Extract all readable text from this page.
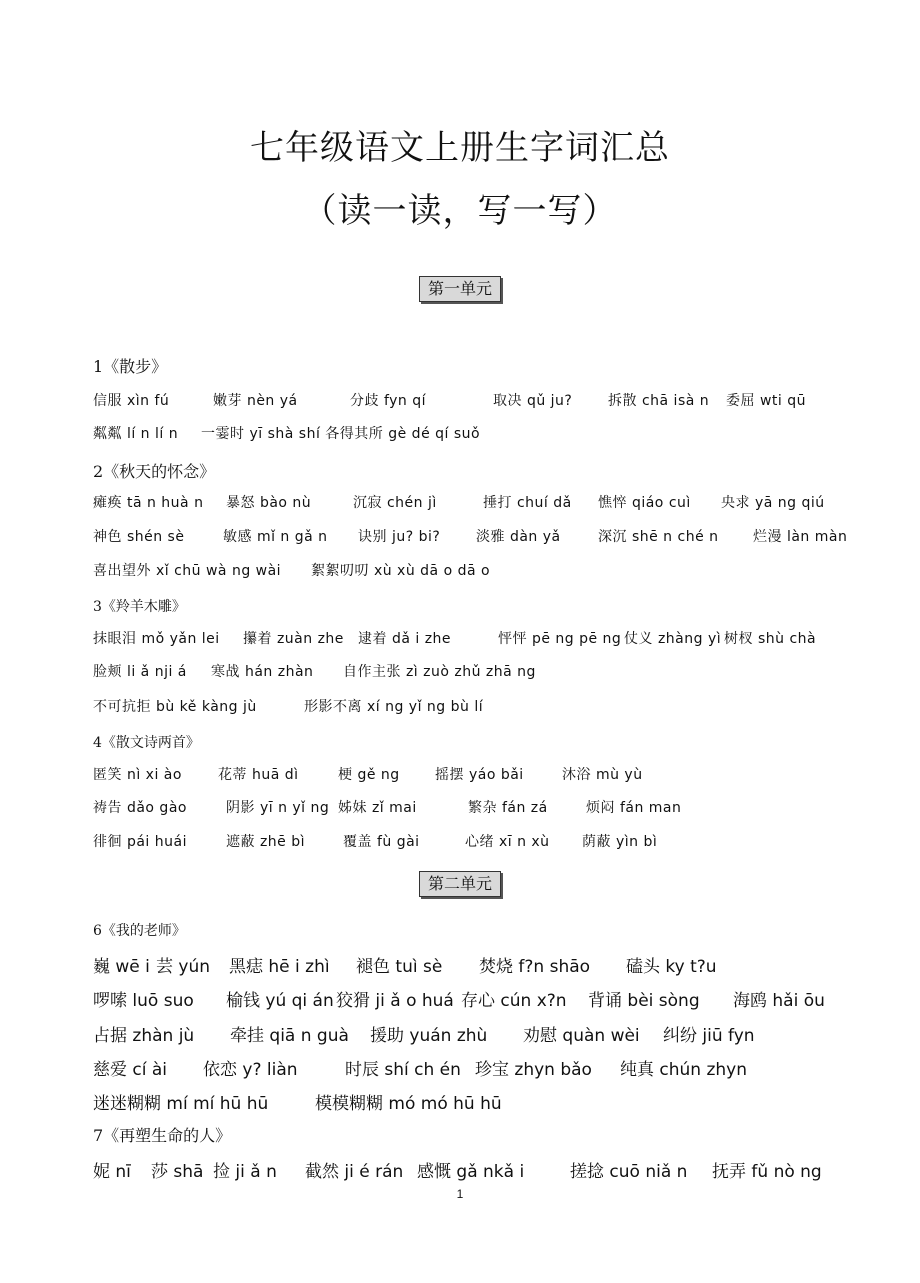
七年级语文上册生字词汇总
（读一读，写一写）
第一单元
1《散步》
信服 xìn fú	嫩芽 nèn yá	分歧 fyn qí	取决 qǔ ju?	拆散 chā isà n 委屈 wti qū
粼粼 lí n lí n 一霎时 yī shà shí 各得其所 gè dé qí suǒ
2《秋天的怀念》
瘫痪 tā n huà n 暴怒 bào nù	沉寂 chén jì	捶打 chuí dǎ 憔悴 qiáo cuì 央求 yā ng qiú
神色 shén sè	敏感 mǐ n gǎ n 诀别 ju? bi?	淡雅 dàn yǎ	深沉 shē n ché n 烂漫 làn màn
喜出望外 xǐ chū wà ng wài 絮絮叨叨 xù xù dā o dā o
3《羚羊木雕》
抹眼泪 mǒ yǎn lei 攥着 zuàn zhe 逮着 dǎ i zhe	怦怦 pē ng pē ng 仗义 zhàng yì 树杈 shù chà
脸颊 li ǎ nji á 寒战 hán zhàn 自作主张 zì zuò zhǔ zhā ng
不可抗拒 bù kě kàng jù	形影不离 xí ng yǐ ng bù lí
4《散文诗两首》
匿笑 nì xi ào	花蒂 huā dì	梗 gě ng	摇摆 yáo bǎi	沐浴 mù yù
祷告 dǎo gào	阴影 yī n yǐ ng 姊妹 zǐ mai	繁杂 fán zá	烦闷 fán man
徘徊 pái huái	遮蔽 zhē bì	覆盖 fù gài	心绪 xī n xù 荫蔽 yìn bì
第二单元
6《我的老师》
巍 wē i 芸 yún 黑痣 hē i zhì 褪色 tuì sè 焚烧 f?n shāo 磕头 ky t?u
啰嗦 luō suo 榆钱 yú qi án 狡猾 ji ǎ o huá 存心 cún x?n 背诵 bèi sòng 海鸥 hǎi ōu
占据 zhàn jù 牵挂 qiā n guà 援助 yuán zhù 劝慰 quàn wèi 纠纷 jiū fyn
慈爱 cí ài 依恋 y? liàn	时辰 shí ch én 珍宝 zhyn bǎo 纯真 chún zhyn
迷迷糊糊 mí mí hū hū	模模糊糊 mó mó hū hū
7《再塑生命的人》
妮 nī 莎 shā 捡 ji ǎ n 截然 ji é rán 感慨 gǎ nkǎ i	搓捻 cuō niǎ n 抚弄 fǔ nò ng
1
